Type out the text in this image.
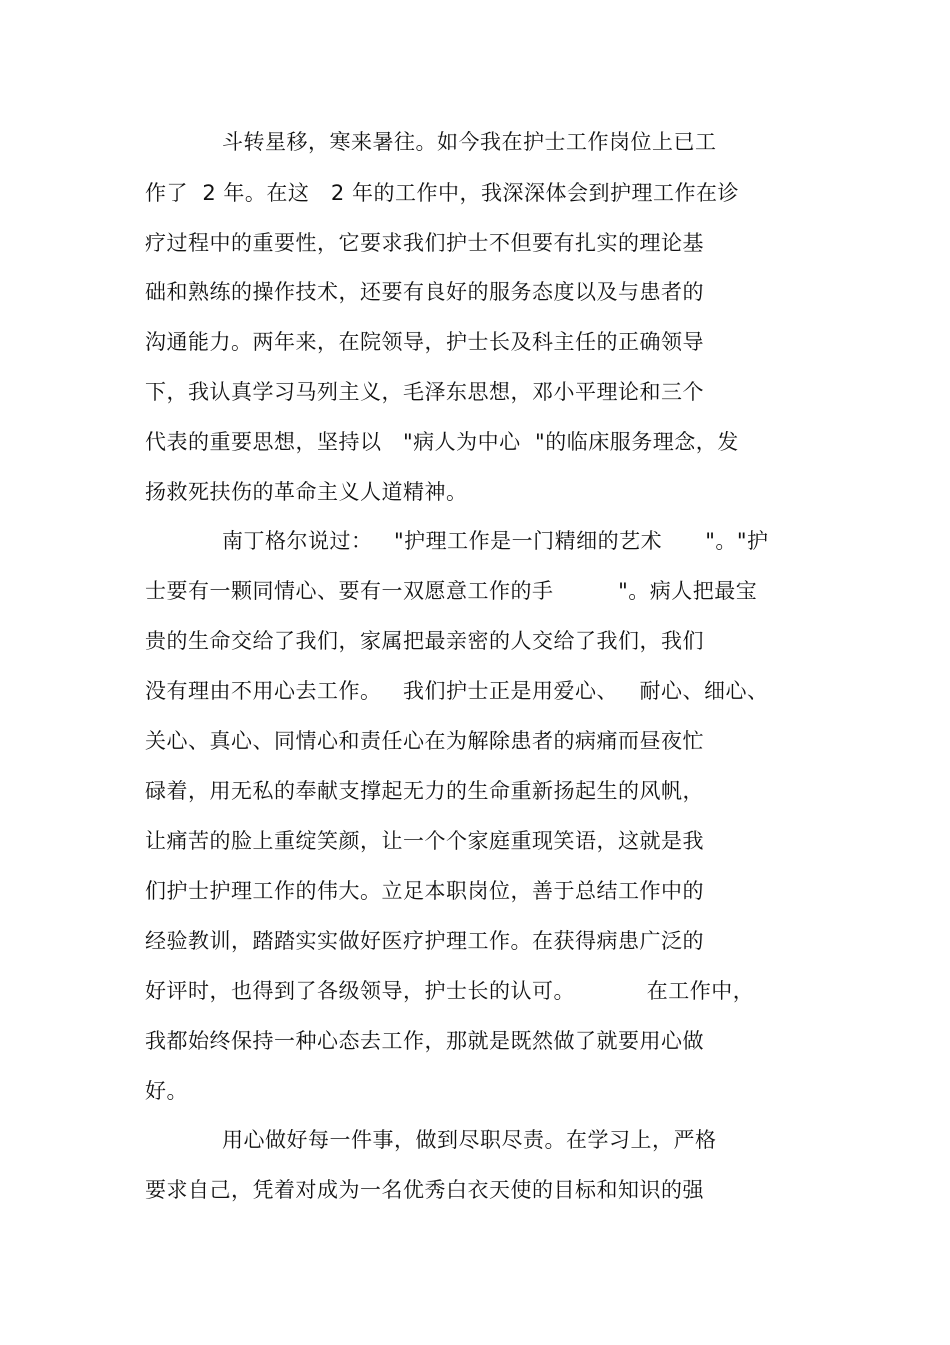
斗转星移，寒来暑往。如今我在护士工作岗位上已工
作了  2 年。在这   2 年的工作中，我深深体会到护理工作在诊
疗过程中的重要性，它要求我们护士不但要有扎实的理论基
础和熟练的操作技术，还要有良好的服务态度以及与患者的
沟通能力。两年来，在院领导，护士长及科主任的正确领导
下，我认真学习马列主义，毛泽东思想，邓小平理论和三个
代表的重要思想，坚持以   "病人为中心  "的临床服务理念，发
扬救死扶伤的革命主义人道精神。
南丁格尔说过：   "护理工作是一门精细的艺术      "。"护
士要有一颗同情心、要有一双愿意工作的手         "。病人把最宝
贵的生命交给了我们，家属把最亲密的人交给了我们，我们
没有理由不用心去工作。   我们护士正是用爱心、   耐心、细心、
关心、真心、同情心和责任心在为解除患者的病痛而昼夜忙
碌着，用无私的奉献支撑起无力的生命重新扬起生的风帆，
让痛苦的脸上重绽笑颜，让一个个家庭重现笑语，这就是我
们护士护理工作的伟大。立足本职岗位，善于总结工作中的
经验教训，踏踏实实做好医疗护理工作。在获得病患广泛的
好评时，也得到了各级领导，护士长的认可。          在工作中，
我都始终保持一种心态去工作，那就是既然做了就要用心做
好。
用心做好每一件事，做到尽职尽责。在学习上，严格
要求自己，凭着对成为一名优秀白衣天使的目标和知识的强
